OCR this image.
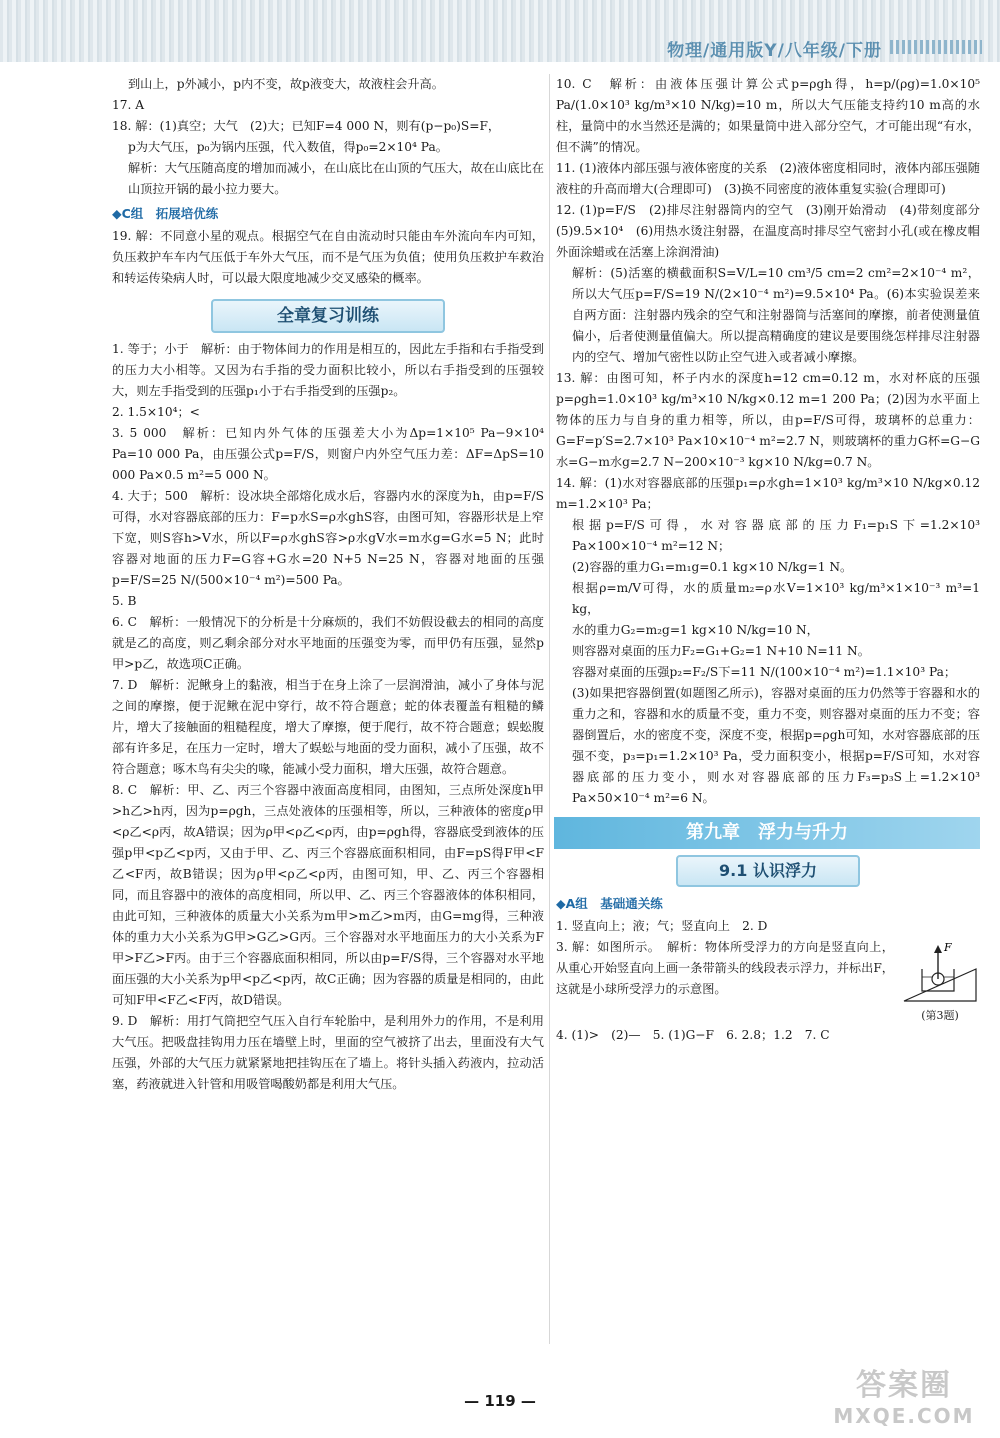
物理/通用版Y/八年级/下册

到山上，p外减小，p内不变，故p液变大，故液柱会升高。

17. A

18. 解：(1)真空；大气　(2)大；已知F=4 000 N，则有(p−p₀)S=F，

p为大气压，p₀为锅内压强，代入数值，得p₀=2×10⁴ Pa。

解析：大气压随高度的增加而减小，在山底比在山顶的气压大，故在山底比在山顶拉开锅的最小拉力要大。

◆C组　拓展培优练

19. 解：不同意小星的观点。根据空气在自由流动时只能由车外流向车内可知，负压救护车车内气压低于车外大气压，而不是气压为负值；使用负压救护车救治和转运传染病人时，可以最大限度地减少交叉感染的概率。

全章复习训练

1. 等于；小于　解析：由于物体间力的作用是相互的，因此左手指和右手指受到的压力大小相等。又因为右手指的受力面积比较小，所以右手指受到的压强较大，则左手指受到的压强p₁小于右手指受到的压强p₂。

2. 1.5×10⁴；<

3. 5 000　解析：已知内外气体的压强差大小为Δp=1×10⁵ Pa−9×10⁴ Pa=10 000 Pa，由压强公式p=F/S，则窗户内外空气压力差：ΔF=ΔpS=10 000 Pa×0.5 m²=5 000 N。

4. 大于；500　解析：设冰块全部熔化成水后，容器内水的深度为h，由p=F/S可得，水对容器底部的压力：F=p水S=ρ水ghS容，由图可知，容器形状是上窄下宽，则S容h>V水，所以F=ρ水ghS容>ρ水gV水=m水g=G水=5 N；此时容器对地面的压力F=G容+G水=20 N+5 N=25 N，容器对地面的压强p=F/S=25 N/(500×10⁻⁴ m²)=500 Pa。

5. B

6. C　解析：一般情况下的分析是十分麻烦的，我们不妨假设截去的相同的高度就是乙的高度，则乙剩余部分对水平地面的压强变为零，而甲仍有压强，显然p甲>p乙，故选项C正确。

7. D　解析：泥鳅身上的黏液，相当于在身上涂了一层润滑油，减小了身体与泥之间的摩擦，便于泥鳅在泥中穿行，故不符合题意；蛇的体表覆盖有粗糙的鳞片，增大了接触面的粗糙程度，增大了摩擦，便于爬行，故不符合题意；蜈蚣腹部有许多足，在压力一定时，增大了蜈蚣与地面的受力面积，减小了压强，故不符合题意；啄木鸟有尖尖的喙，能减小受力面积，增大压强，故符合题意。

8. C　解析：甲、乙、丙三个容器中液面高度相同，由图知，三点所处深度h甲>h乙>h丙，因为p=ρgh，三点处液体的压强相等，所以，三种液体的密度ρ甲<ρ乙<ρ丙，故A错误；因为ρ甲<ρ乙<ρ丙，由p=ρgh得，容器底受到液体的压强p甲<p乙<p丙，又由于甲、乙、丙三个容器底面积相同，由F=pS得F甲<F乙<F丙，故B错误；因为ρ甲<ρ乙<ρ丙，由图可知，甲、乙、丙三个容器相同，而且容器中的液体的高度相同，所以甲、乙、丙三个容器液体的体积相同，由此可知，三种液体的质量大小关系为m甲>m乙>m丙，由G=mg得，三种液体的重力大小关系为G甲>G乙>G丙。三个容器对水平地面压力的大小关系为F甲>F乙>F丙。由于三个容器底面积相同，所以由p=F/S得，三个容器对水平地面压强的大小关系为p甲<p乙<p丙，故C正确；因为容器的质量是相同的，由此可知F甲<F乙<F丙，故D错误。

9. D　解析：用打气筒把空气压入自行车轮胎中，是利用外力的作用，不是利用大气压。把吸盘挂钩用力压在墙壁上时，里面的空气被挤了出去，里面没有大气压强，外部的大气压力就紧紧地把挂钩压在了墙上。将针头插入药液内，拉动活塞，药液就进入针管和用吸管喝酸奶都是利用大气压。

10. C　解析：由液体压强计算公式p=ρgh得，h=p/(ρg)=1.0×10⁵ Pa/(1.0×10³ kg/m³×10 N/kg)=10 m，所以大气压能支持约10 m高的水柱，量筒中的水当然还是满的；如果量筒中进入部分空气，才可能出现“有水，但不满”的情况。

11. (1)液体内部压强与液体密度的关系　(2)液体密度相同时，液体内部压强随液柱的升高而增大(合理即可)　(3)换不同密度的液体重复实验(合理即可)

12. (1)p=F/S　(2)排尽注射器筒内的空气　(3)刚开始滑动　(4)带刻度部分　(5)9.5×10⁴　(6)用热水烫注射器，在温度高时排尽空气密封小孔(或在橡皮帽外面涂蜡或在活塞上涂润滑油)

解析：(5)活塞的横截面积S=V/L=10 cm³/5 cm=2 cm²=2×10⁻⁴ m²，所以大气压p=F/S=19 N/(2×10⁻⁴ m²)=9.5×10⁴ Pa。(6)本实验误差来自两方面：注射器内残余的空气和注射器筒与活塞间的摩擦，前者使测量值偏小，后者使测量值偏大。所以提高精确度的建议是要围绕怎样排尽注射器内的空气、增加气密性以防止空气进入或者减小摩擦。

13. 解：由图可知，杯子内水的深度h=12 cm=0.12 m，水对杯底的压强p=ρgh=1.0×10³ kg/m³×10 N/kg×0.12 m=1 200 Pa；(2)因为水平面上物体的压力与自身的重力相等，所以，由p=F/S可得，玻璃杯的总重力：G=F=p′S=2.7×10³ Pa×10×10⁻⁴ m²=2.7 N，则玻璃杯的重力G杯=G−G水=G−m水g=2.7 N−200×10⁻³ kg×10 N/kg=0.7 N。

14. 解：(1)水对容器底部的压强p₁=ρ水gh=1×10³ kg/m³×10 N/kg×0.12 m=1.2×10³ Pa；

根据p=F/S可得，水对容器底部的压力F₁=p₁S下=1.2×10³ Pa×100×10⁻⁴ m²=12 N；

(2)容器的重力G₁=m₁g=0.1 kg×10 N/kg=1 N。

根据ρ=m/V可得，水的质量m₂=ρ水V=1×10³ kg/m³×1×10⁻³ m³=1 kg，

水的重力G₂=m₂g=1 kg×10 N/kg=10 N，

则容器对桌面的压力F₂=G₁+G₂=1 N+10 N=11 N。

容器对桌面的压强p₂=F₂/S下=11 N/(100×10⁻⁴ m²)=1.1×10³ Pa；

(3)如果把容器倒置(如题图乙所示)，容器对桌面的压力仍然等于容器和水的重力之和，容器和水的质量不变，重力不变，则容器对桌面的压力不变；容器倒置后，水的密度不变，深度不变，根据p=ρgh可知，水对容器底部的压强不变，p₃=p₁=1.2×10³ Pa，受力面积变小，根据p=F/S可知，水对容器底部的压力变小，则水对容器底部的压力F₃=p₃S上=1.2×10³ Pa×50×10⁻⁴ m²=6 N。

第九章　浮力与升力
9.1 认识浮力
◆A组　基础通关练

1. 竖直向上；液；气；竖直向上　2. D

F
(第3题)

3. 解：如图所示。　解析：物体所受浮力的方向是竖直向上，从重心开始竖直向上画一条带箭头的线段表示浮力，并标出F，这就是小球所受浮力的示意图。

4. (1)>　(2)—　5. (1)G−F　6. 2.8；1.2　7. C

— 119 —	答案圈
MXQE.COM
